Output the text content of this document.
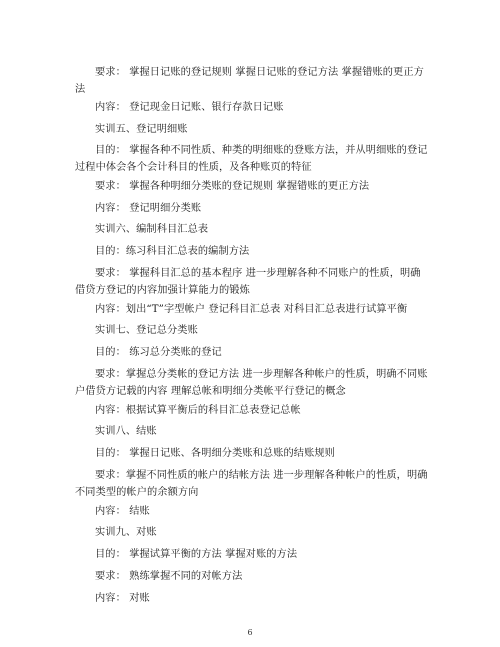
要求： 掌握日记账的登记规则 掌握日记账的登记方法 掌握错账的更正方法
内容： 登记现金日记账、银行存款日记账
实训五、登记明细账
目的： 掌握各种不同性质、种类的明细账的登账方法，并从明细账的登记过程中体会各个会计科目的性质，及各种账页的特征
要求： 掌握各种明细分类账的登记规则 掌握错账的更正方法
内容： 登记明细分类账
实训六、编制科目汇总表
目的：练习科目汇总表的编制方法
要求： 掌握科目汇总的基本程序 进一步理解各种不同账户的性质，明确借贷方登记的内容加强计算能力的锻炼
内容：划出“T”字型帐户 登记科目汇总表 对科目汇总表进行试算平衡
实训七、登记总分类账
目的： 练习总分类账的登记
要求：掌握总分类帐的登记方法 进一步理解各种帐户的性质，明确不同账户借贷方记载的内容 理解总帐和明细分类帐平行登记的概念
内容：根据试算平衡后的科目汇总表登记总帐
实训八、结账
目的： 掌握日记账、各明细分类账和总账的结账规则
要求：掌握不同性质的帐户的结帐方法 进一步理解各种帐户的性质，明确不同类型的帐户的余额方向
内容： 结账
实训九、对账
目的： 掌握试算平衡的方法 掌握对账的方法
要求： 熟练掌握不同的对帐方法
内容： 对账
6
